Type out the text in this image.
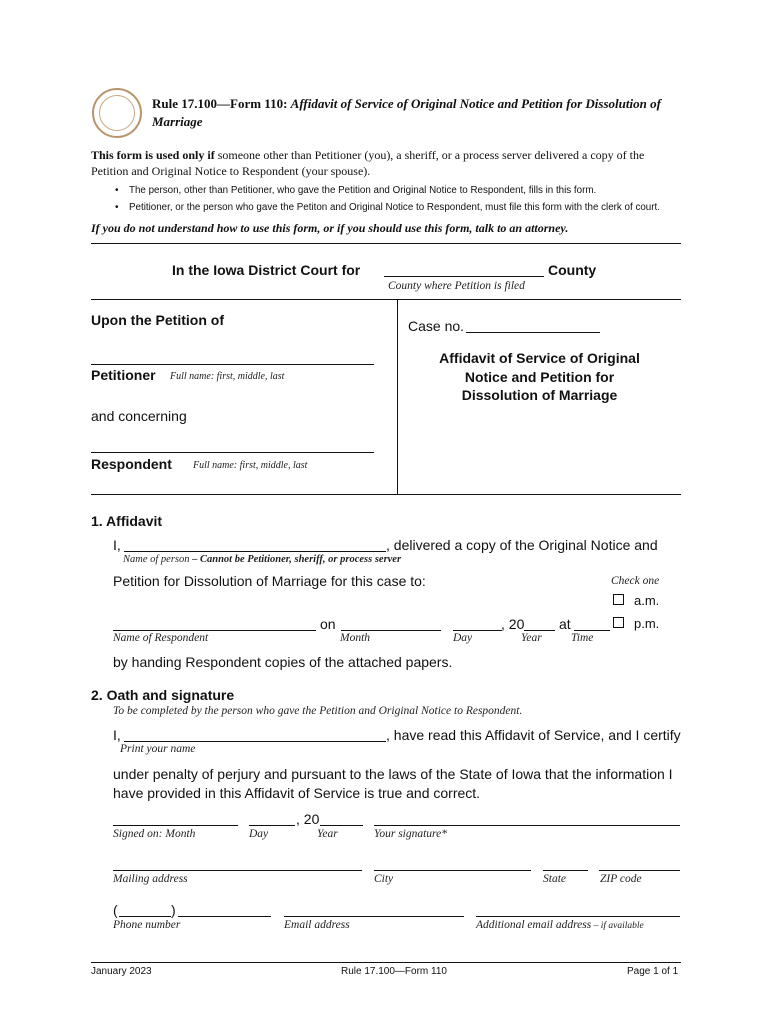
Rule 17.100—Form 110: Affidavit of Service of Original Notice and Petition for Dissolution of
Marriage
This form is used only if someone other than Petitioner (you), a sheriff, or a process server delivered a copy of the
Petition and Original Notice to Respondent (your spouse).
• The person, other than Petitioner, who gave the Petition and Original Notice to Respondent, fills in this form.
• Petitioner, or the person who gave the Petiton and Original Notice to Respondent, must file this form with the clerk of court.
If you do not understand how to use this form, or if you should use this form, talk to an attorney.
In the Iowa District Court for	County
County where Petition is filed
Upon the Petition of
Petitioner Full name: first, middle, last
and concerning
Respondent Full name: first, middle, last
Case no.
Affidavit of Service of Original
Notice and Petition for
Dissolution of Marriage
1. Affidavit
I,	, delivered a copy of the Original Notice and
Name of person – Cannot be Petitioner, sheriff, or process server
Petition for Dissolution of Marriage for this case to:	Check one
a.m.
on	, 20 at	p.m.
Name of Respondent	Month	Day	Year	Time
by handing Respondent copies of the attached papers.
2. Oath and signature
To be completed by the person who gave the Petition and Original Notice to Respondent.
I,	, have read this Affidavit of Service, and I certify
Print your name
under penalty of perjury and pursuant to the laws of the State of Iowa that the information I
have provided in this Affidavit of Service is true and correct.
, 20
Signed on: Month	Day	Year	Your signature*
Mailing address	City	State	ZIP code
(	)
Phone number	Email address	Additional email address – if available
January 2023	Rule 17.100—Form 110	Page 1 of 1
